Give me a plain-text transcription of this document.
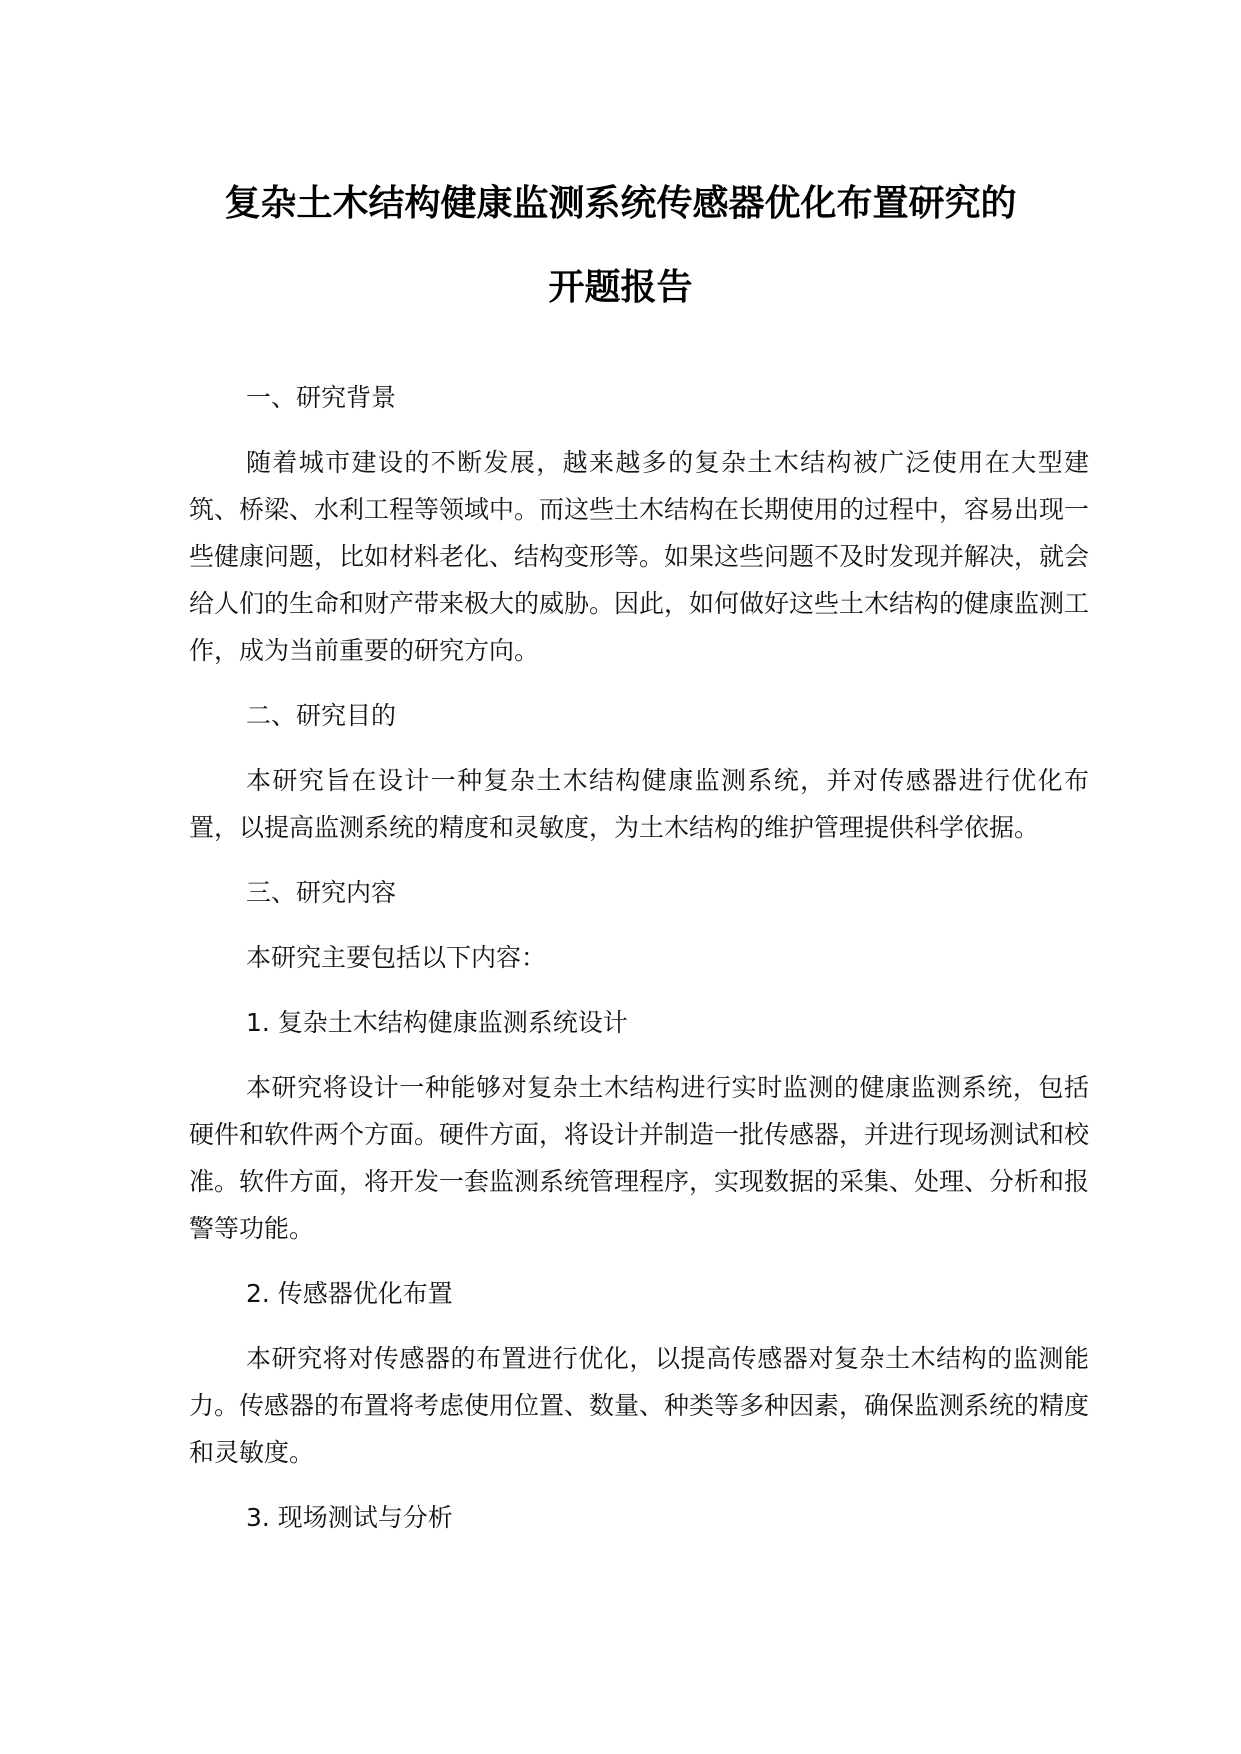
复杂土木结构健康监测系统传感器优化布置研究的
开题报告

一、研究背景

随着城市建设的不断发展，越来越多的复杂土木结构被广泛使用在大型建筑、桥梁、水利工程等领域中。而这些土木结构在长期使用的过程中，容易出现一些健康问题，比如材料老化、结构变形等。如果这些问题不及时发现并解决，就会给人们的生命和财产带来极大的威胁。因此，如何做好这些土木结构的健康监测工作，成为当前重要的研究方向。

二、研究目的

本研究旨在设计一种复杂土木结构健康监测系统，并对传感器进行优化布置，以提高监测系统的精度和灵敏度，为土木结构的维护管理提供科学依据。

三、研究内容

本研究主要包括以下内容：

1. 复杂土木结构健康监测系统设计

本研究将设计一种能够对复杂土木结构进行实时监测的健康监测系统，包括硬件和软件两个方面。硬件方面，将设计并制造一批传感器，并进行现场测试和校准。软件方面，将开发一套监测系统管理程序，实现数据的采集、处理、分析和报警等功能。

2. 传感器优化布置

本研究将对传感器的布置进行优化，以提高传感器对复杂土木结构的监测能力。传感器的布置将考虑使用位置、数量、种类等多种因素，确保监测系统的精度和灵敏度。

3. 现场测试与分析
